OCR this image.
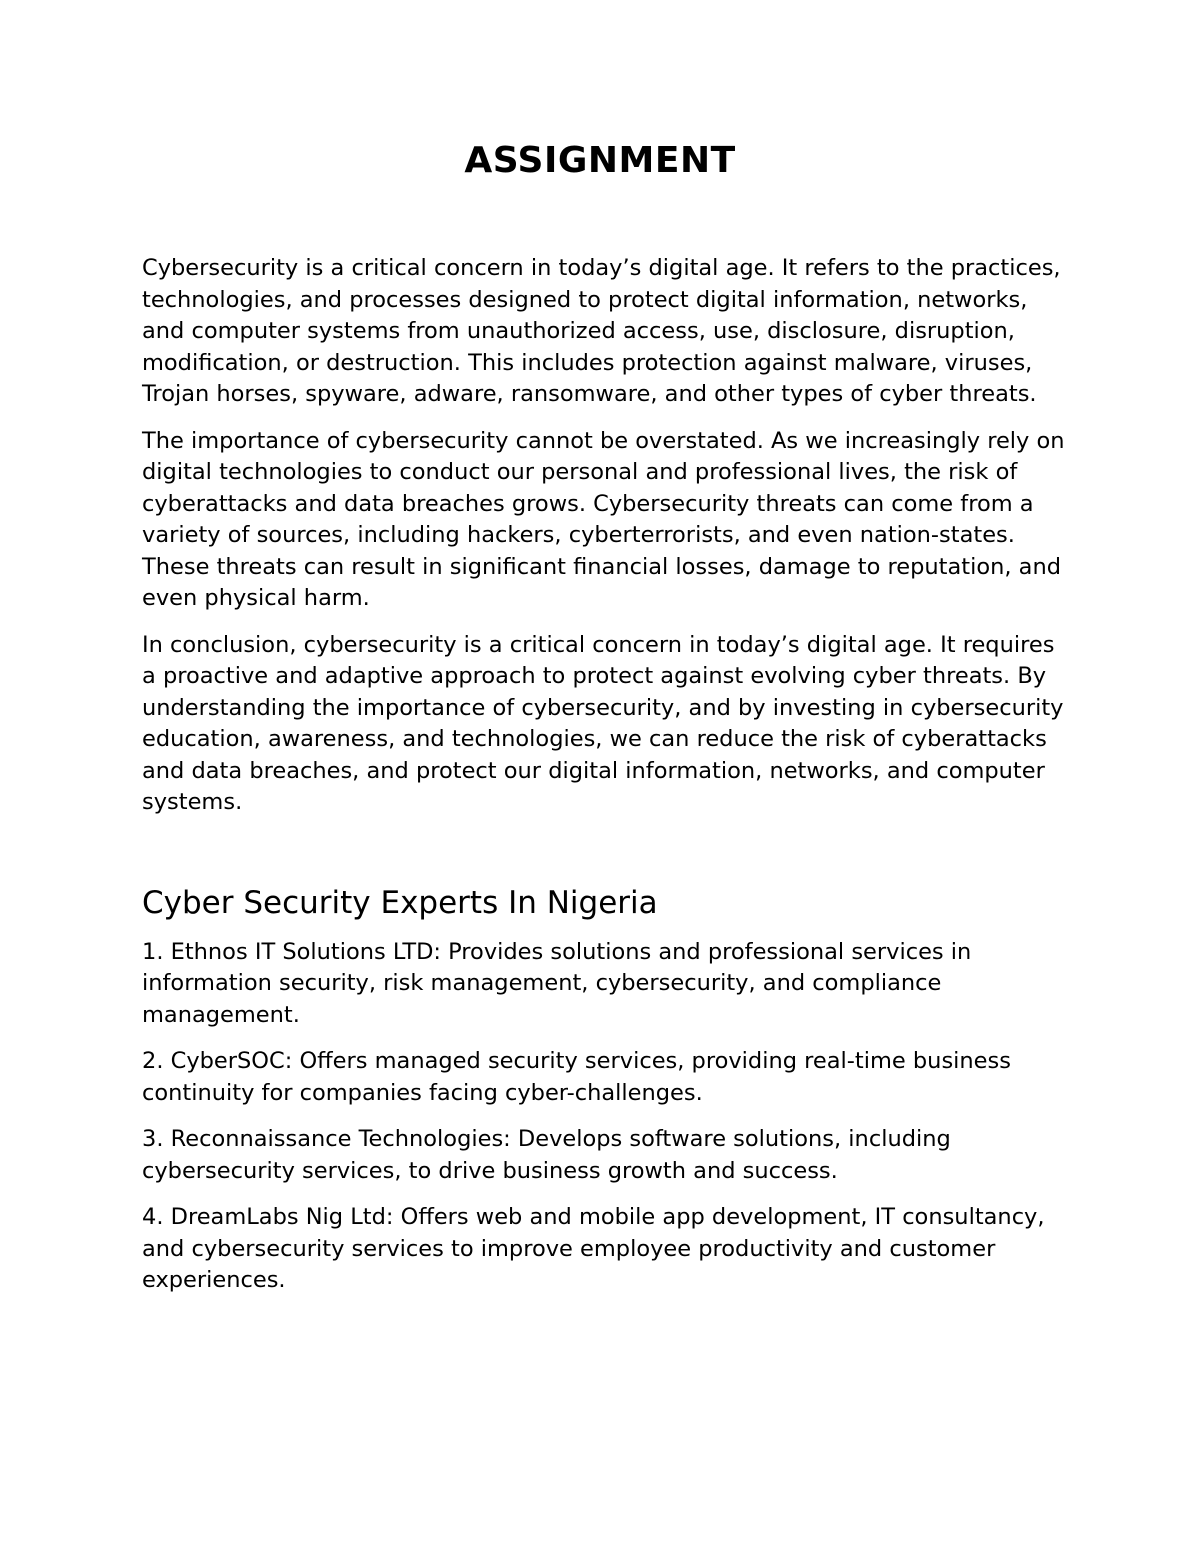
ASSIGNMENT

Cybersecurity is a critical concern in today’s digital age. It refers to the practices, technologies, and processes designed to protect digital information, networks, and computer systems from unauthorized access, use, disclosure, disruption, modification, or destruction. This includes protection against malware, viruses, Trojan horses, spyware, adware, ransomware, and other types of cyber threats.

The importance of cybersecurity cannot be overstated. As we increasingly rely on digital technologies to conduct our personal and professional lives, the risk of cyberattacks and data breaches grows. Cybersecurity threats can come from a variety of sources, including hackers, cyberterrorists, and even nation-states. These threats can result in significant financial losses, damage to reputation, and even physical harm.

In conclusion, cybersecurity is a critical concern in today’s digital age. It requires a proactive and adaptive approach to protect against evolving cyber threats. By understanding the importance of cybersecurity, and by investing in cybersecurity education, awareness, and technologies, we can reduce the risk of cyberattacks and data breaches, and protect our digital information, networks, and computer systems.

Cyber Security Experts In Nigeria
1. Ethnos IT Solutions LTD: Provides solutions and professional services in information security, risk management, cybersecurity, and compliance management.
2. CyberSOC: Offers managed security services, providing real-time business continuity for companies facing cyber-challenges.
3. Reconnaissance Technologies: Develops software solutions, including cybersecurity services, to drive business growth and success.
4. DreamLabs Nig Ltd: Offers web and mobile app development, IT consultancy, and cybersecurity services to improve employee productivity and customer experiences.
